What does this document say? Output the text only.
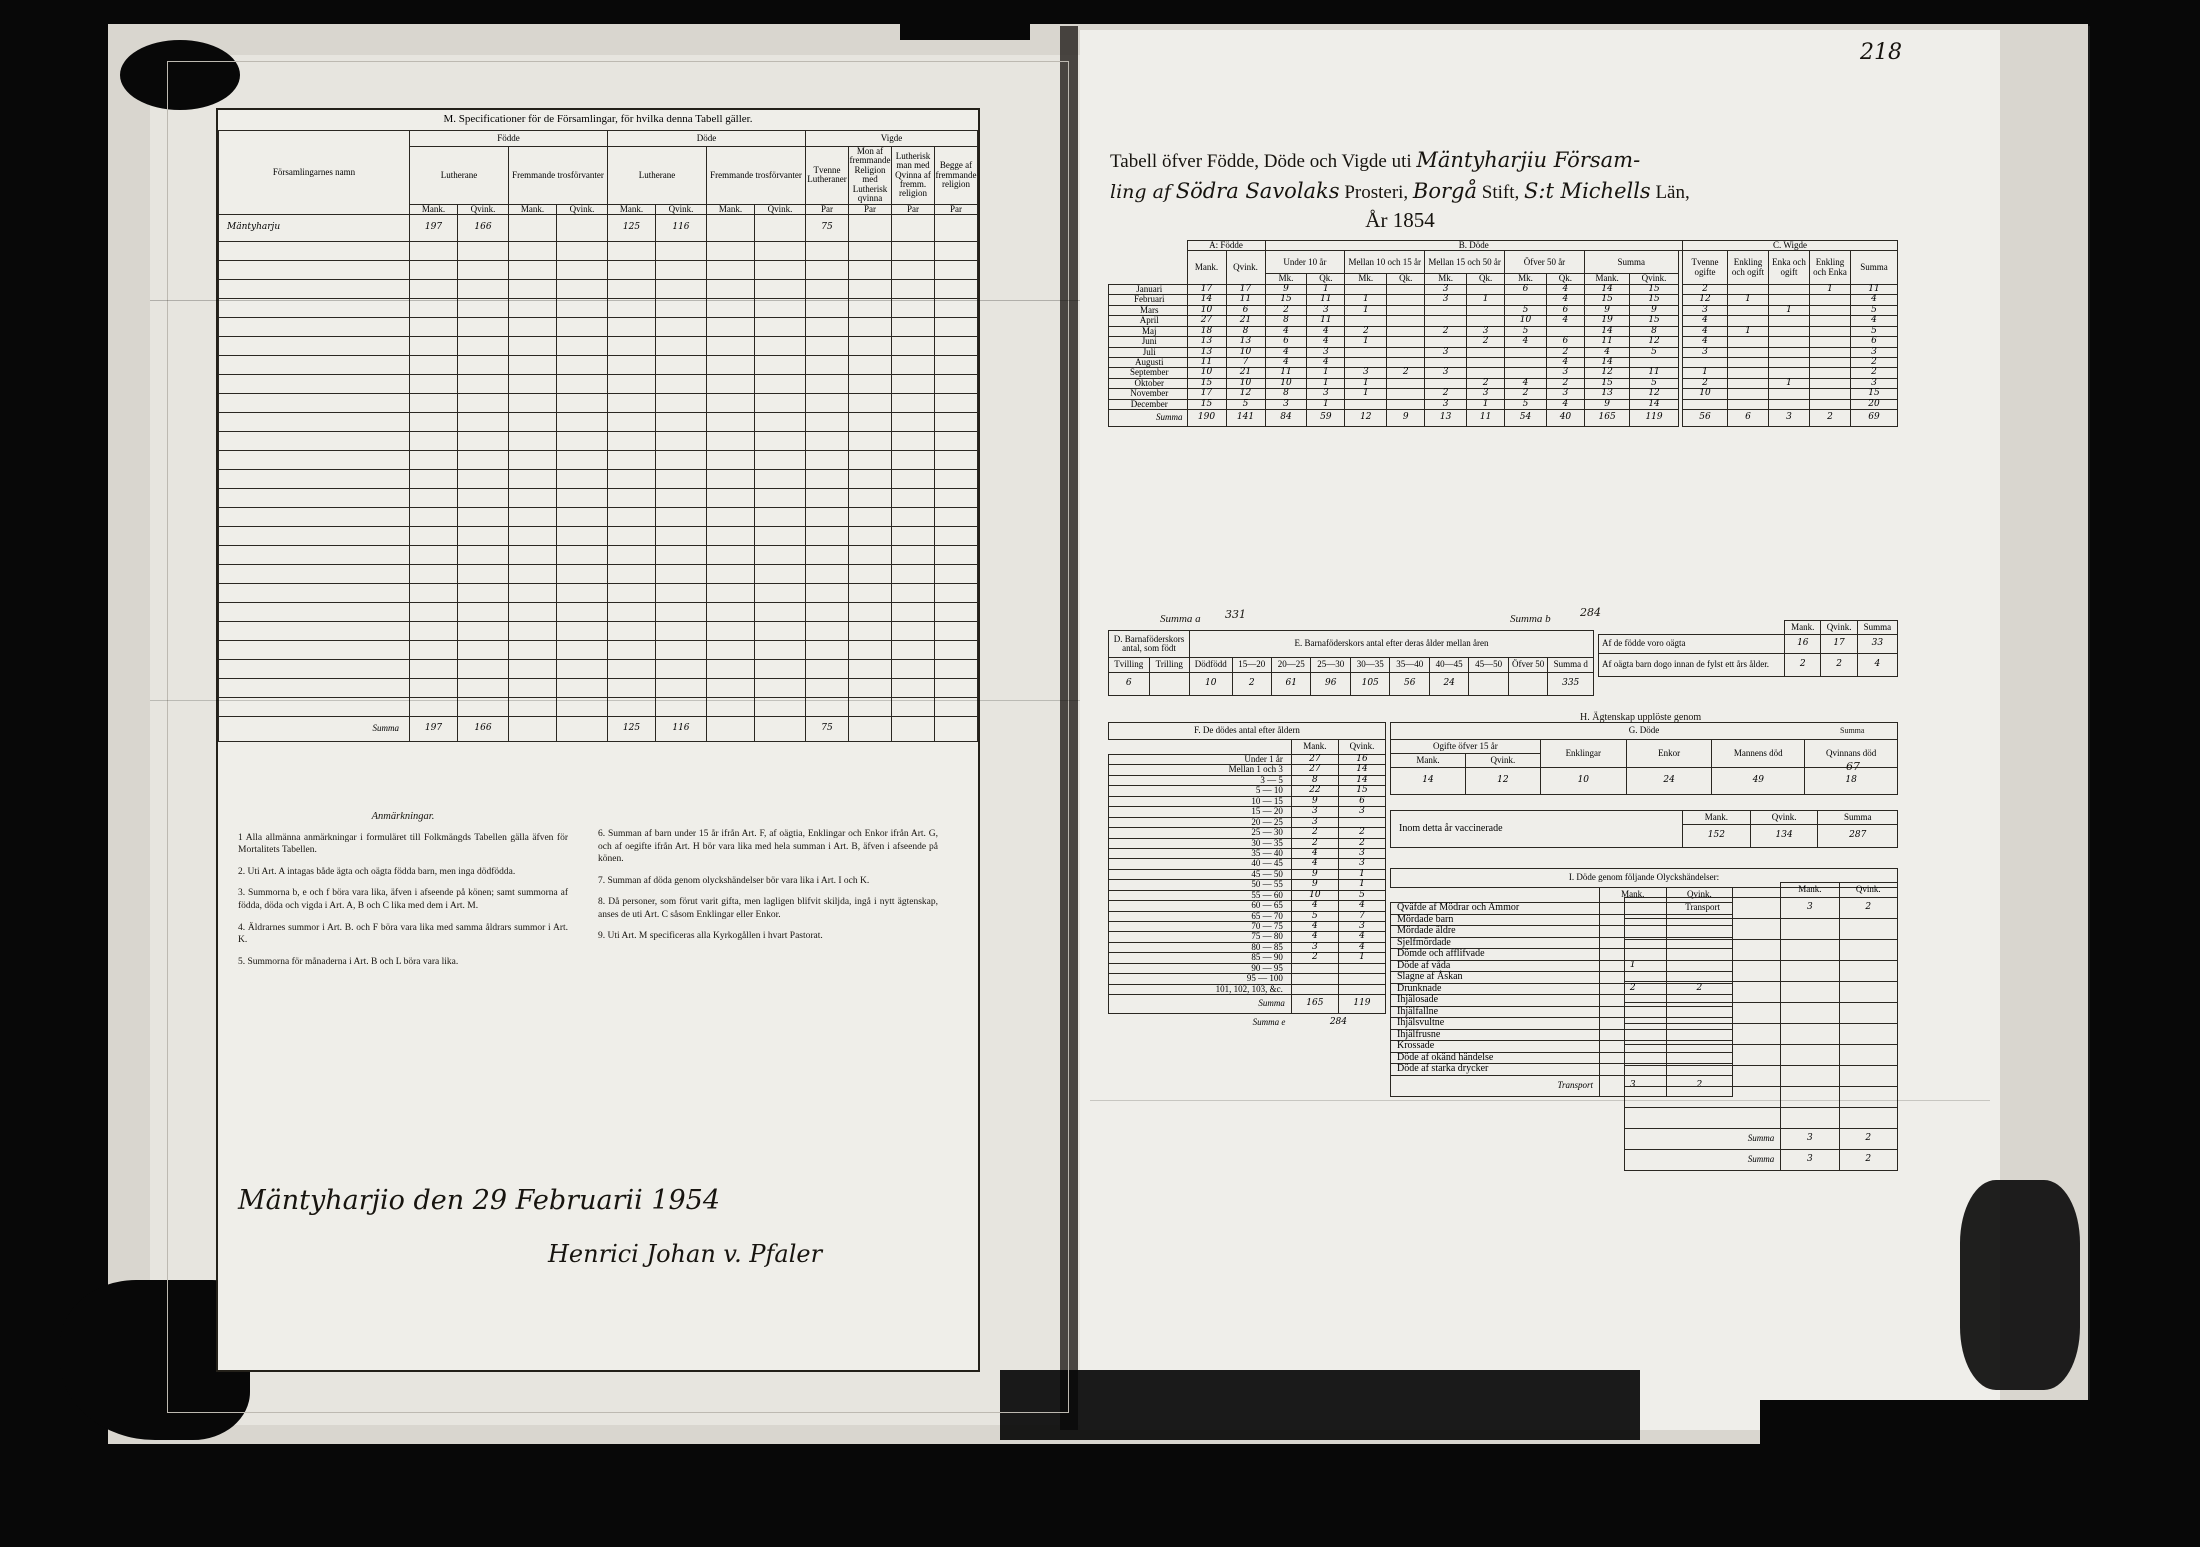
218
M. Specificationer för de Församlingar, för hvilka denna Tabell gäller.
Församlingarnes namn	Födde				Döde				Vigde			
	Lutherane		Fremmande trosförvanter		Lutherane		Fremmande trosförvanter		Tvenne Lutheraner	Mon af fremmande Religion med Lutherisk qvinna	Lutherisk man med Qvinna af fremm. religion	Begge af fremmande religion
	Mank.	Qvink.	Mank.	Qvink.	Mank.	Qvink.	Mank.	Qvink.	Par	Par	Par	Par
Mäntyharju	197	166			125	116			75			

Summa	197	166			125	116			75			
Anmärkningar.

1 Alla allmänna anmärkningar i formuläret till Folkmängds Tabellen gälla äfven för Mortalitets Tabellen.

2. Uti Art. A intagas både ägta och oägta födda barn, men inga dödfödda.

3. Summorna b, e och f böra vara lika, äfven i afseende på könen; samt summorna af födda, döda och vigda i Art. A, B och C lika med dem i Art. M.

4. Äldrarnes summor i Art. B. och F böra vara lika med samma åldrars summor i Art. K.

5. Summorna för månaderna i Art. B och L böra vara lika.

6. Summan af barn under 15 år ifrån Art. F, af oägtia, Enklingar och Enkor ifrån Art. G, och af oegifte ifrån Art. H bör vara lika med hela summan i Art. B, äfven i afseende på könen.

7. Summan af döda genom olyckshändelser bör vara lika i Art. I och K.

8. Då personer, som förut varit gifta, men lagligen blifvit skiljda, ingå i nytt ägtenskap, anses de uti Art. C såsom Enklingar eller Enkor.

9. Uti Art. M specificeras alla Kyrkogållen i hvart Pastorat.

Mäntyharjio den 29 Februarii 1954
Henrici Johan v. Pfaler
Tabell öfver Födde, Döde och Vigde uti Mäntyharjiu Försam-
ling af Södra Savolaks Prosteri, Borgå Stift, S:t Michells Län,
År 1854
	A: Födde		B. Döde												C. Wigde				
	Mank.	Qvink.	Under 10 år		Mellan 10 och 15 år		Mellan 15 och 50 år		Öfver 50 år		Summa				Tvenne ogifte	Enkling och ogift	Enka och ogift	Enkling och Enka	Summa
			Mk.	Qk.	Mk.	Qk.	Mk.	Qk.	Mk.	Qk.	Mank.	Qvink.							
Januari	17	17	9	1			3		6	4	14	15			2			1	11
Februari	14	11	15	11	1		3	1		4	15	15			12	1			4
Mars	10	6	2	3	1				5	6	9	9			3		1		5
April	27	21	8	11					10	4	19	15			4				4
Maj	18	8	4	4	2		2	3	5		14	8			4	1			5
Juni	13	13	6	4	1			2	4	6	11	12			4				6
Juli	13	10	4	3			3			2	4	5			3				3
Augusti	11	7	4	4						4	14								2
September	10	21	11	1	3	2	3			3	12	11			1				2
Oktober	15	10	10	1	1			2	4	2	15	5			2		1		3
November	17	12	8	3	1		2	3	2	3	13	12			10				15
December	15	5	3	1			3	1	5	4	9	14							20
Summa	190	141	84	59	12	9	13	11	54	40	165	119			56	6	3	2	69
Summa a 331	Summa b	284
	Mank.	Qvink.	Summa
Af de födde voro oägta	16	17	33
Af oägta barn dogo innan de fylst ett års ålder.	2	2	4
D. Barnaföderskors antal, som födt		E. Barnaföderskors antal efter deras ålder mellan åren									
Tvilling	Trilling	Dödfödd	15—20	20—25	25—30	30—35	35—40	40—45	45—50	Öfver 50	Summa d
6		10	2	61	96	105	56	24			335
F. De dödes antal efter åldern		
	Mank.	Qvink.
Under 1 år	27	16
Mellan 1 och 3	27	14
3 — 5	8	14
5 — 10	22	15
10 — 15	9	6
15 — 20	3	3
20 — 25	3	
25 — 30	2	2
30 — 35	2	2
35 — 40	4	3
40 — 45	4	3
45 — 50	9	1
50 — 55	9	1
55 — 60	10	5
60 — 65	4	4
65 — 70	5	7
70 — 75	4	3
75 — 80	4	4
80 — 85	3	4
85 — 90	2	1
90 — 95		
95 — 100		
101, 102, 103, &c.		
Summa	165	119
Summa e	284	
G. Döde					
Ogifte öfver 15 år		Enklingar	Enkor	Mannens död	Qvinnans död
Mank.	Qvink.				
14	12	10	24	49	18
H. Ägtenskap upplöste genom
Summa
67
Inom detta år vaccinerade	Mank.	Qvink.	Summa
	152	134	287
I. Döde genom följande Olyckshändelser:				
	Mank.	Qvink.		
Qväfde af Mödrar och Ammor				
Mördade barn				
Mördade äldre				
Sjelfmördade				
Dömde och afflifvade				
Döde af våda	1			
Slagne af Åskan				
Drunknade	2	2		
Ihjälosade				
Ihjälfallne				
Ihjälsvultne				
Ihjälfrusne				
Krossade				
Döde af okänd händelse				
Döde af starka drycker				
Transport	3	2		
	Mank.	Qvink.
Transport	3	2

Summa	3	2
Summa	3	2
